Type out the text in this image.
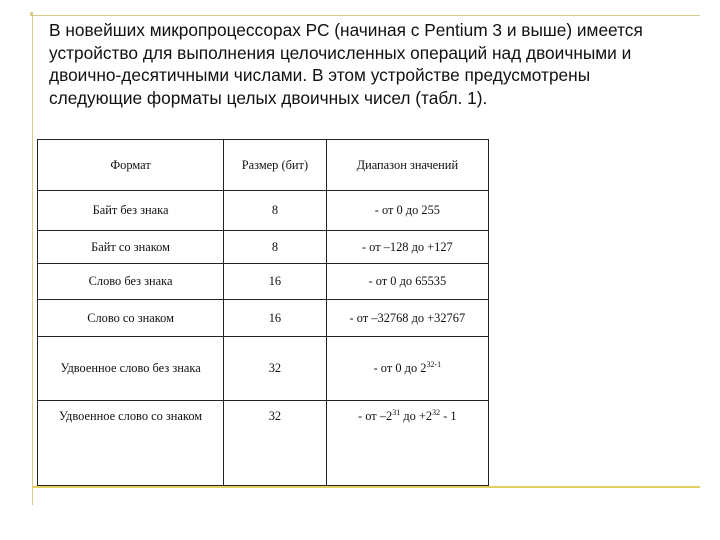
В новейших микропроцессорах РС (начиная с Pentium 3 и выше) имеется
устройство для выполнения целочисленных операций над двоичными и
двоично-десятичными числами. В этом устройстве предусмотрены
следующие форматы целых двоичных чисел (табл. 1).
Формат	Размер (бит)	Диапазон значений
Байт без знака	8	- от 0 до 255
Байт со знаком	8	- от –128 до +127
Слово без знака	16	- от 0 до 65535
Слово со знаком	16	- от –32768 до +32767
Удвоенное слово без знака	32	- от 0 до 2$^{32-1}$
Удвоенное слово со знаком	32	- от $-2^{31}$ до $+2^{32} - 1$
